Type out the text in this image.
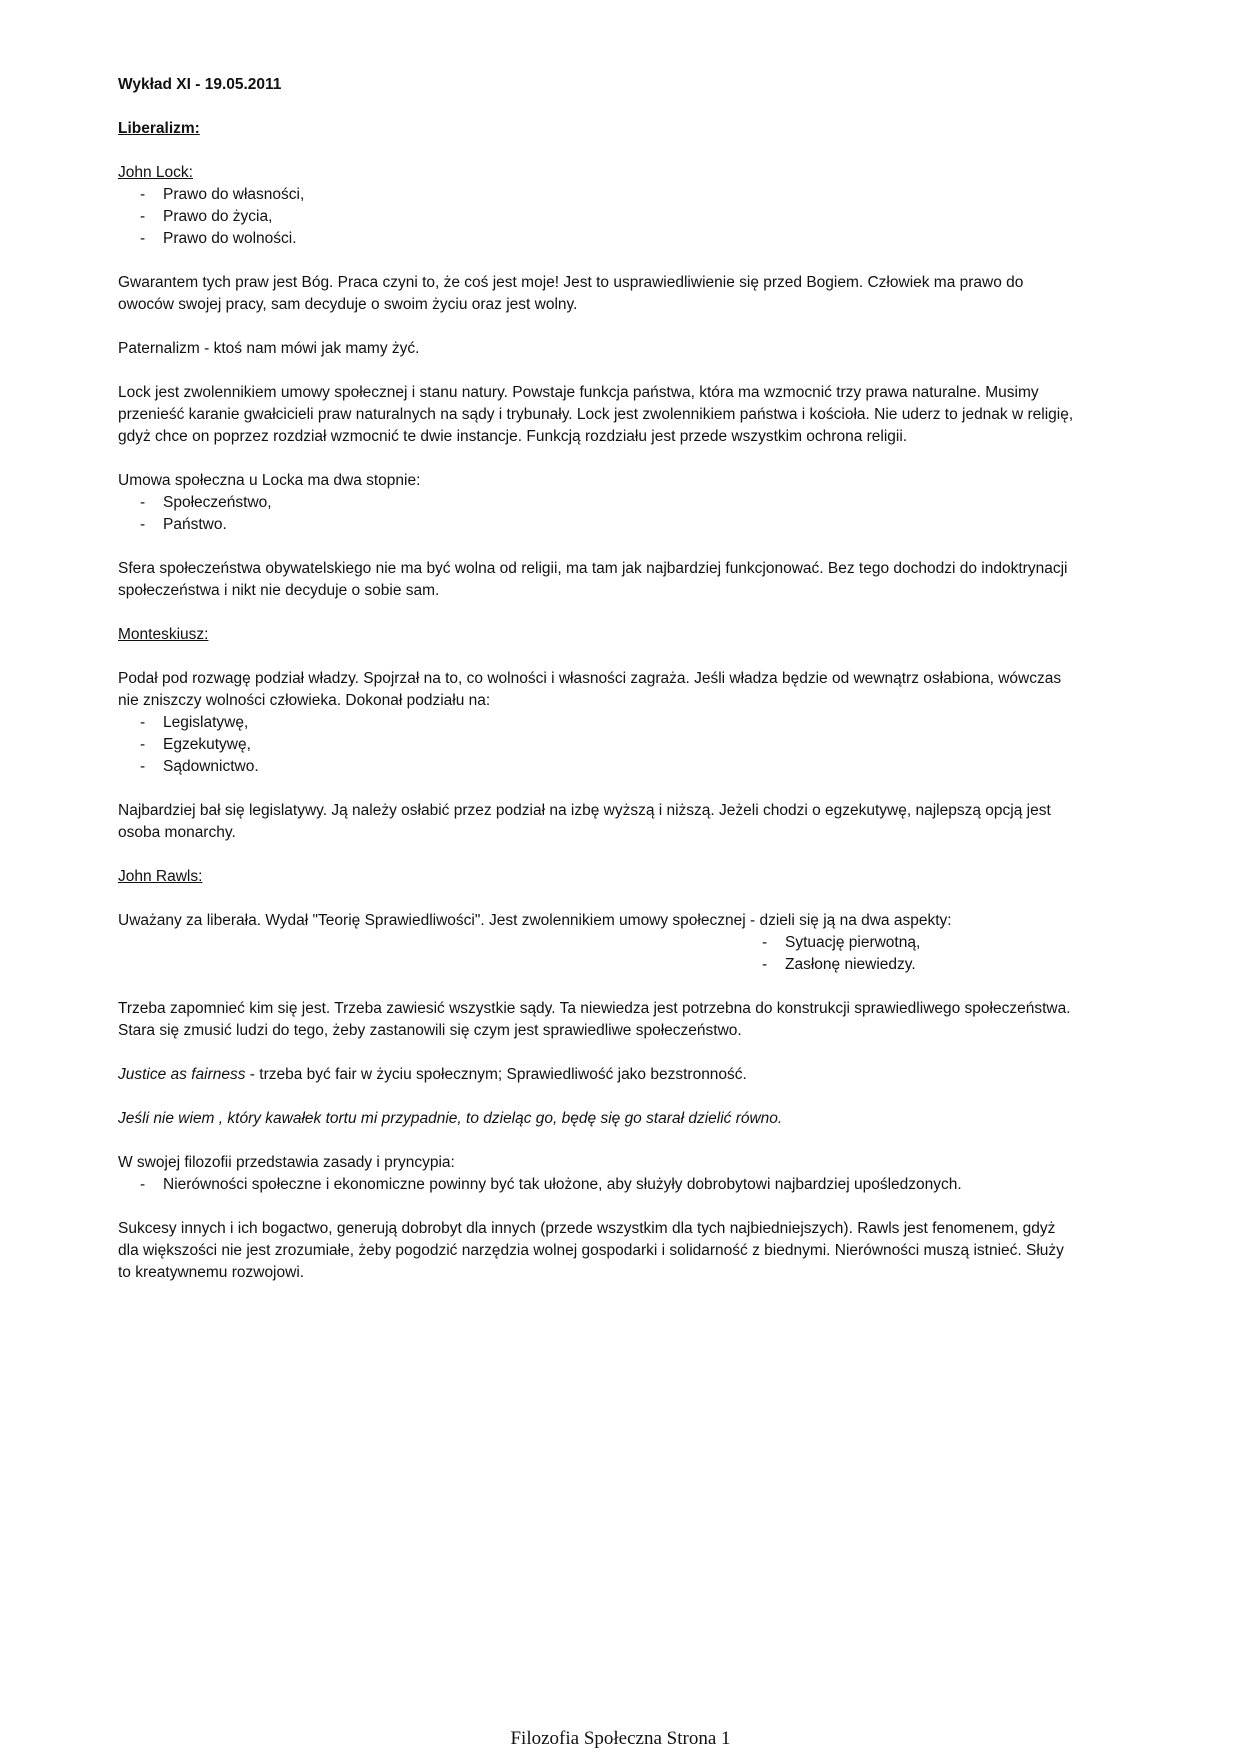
Wykład XI - 19.05.2011
Liberalizm:
John Lock:
- Prawo do własności,
- Prawo do życia,
- Prawo do wolności.

Gwarantem tych praw jest Bóg. Praca czyni to, że coś jest moje! Jest to usprawiedliwienie się przed Bogiem. Człowiek ma prawo do owoców swojej pracy, sam decyduje o swoim życiu oraz jest wolny.

Paternalizm - ktoś nam mówi jak mamy żyć.

Lock jest zwolennikiem umowy społecznej i stanu natury. Powstaje funkcja państwa, która ma wzmocnić trzy prawa naturalne. Musimy przenieść karanie gwałcicieli praw naturalnych na sądy i trybunały. Lock jest zwolennikiem państwa i kościoła. Nie uderz to jednak w religię, gdyż chce on poprzez rozdział wzmocnić te dwie instancje. Funkcją rozdziału jest przede wszystkim ochrona religii.

Umowa społeczna u Locka ma dwa stopnie:
- Społeczeństwo,
- Państwo.

Sfera społeczeństwa obywatelskiego nie ma być wolna od religii, ma tam jak najbardziej funkcjonować. Bez tego dochodzi do indoktrynacji społeczeństwa i nikt nie decyduje o sobie sam.

Monteskiusz:
Podał pod rozwagę podział władzy. Spojrzał na to, co wolności i własności zagraża. Jeśli władza będzie od wewnątrz osłabiona, wówczas nie zniszczy wolności człowieka. Dokonał podziału na:
- Legislatywę,
- Egzekutywę,
- Sądownictwo.

Najbardziej bał się legislatywy. Ją należy osłabić przez podział na izbę wyższą i niższą. Jeżeli chodzi o egzekutywę, najlepszą opcją jest osoba monarchy.

John Rawls:

Uważany za liberała. Wydał "Teorię Sprawiedliwości". Jest zwolennikiem umowy społecznej - dzieli się ją na dwa aspekty:

- Sytuację pierwotną,
- Zasłonę niewiedzy.

Trzeba zapomnieć kim się jest. Trzeba zawiesić wszystkie sądy. Ta niewiedza jest potrzebna do konstrukcji sprawiedliwego społeczeństwa. Stara się zmusić ludzi do tego, żeby zastanowili się czym jest sprawiedliwe społeczeństwo.

Justice as fairness - trzeba być fair w życiu społecznym; Sprawiedliwość jako bezstronność.

Jeśli nie wiem , który kawałek tortu mi przypadnie, to dzieląc go, będę się go starał dzielić równo.

W swojej filozofii przedstawia zasady i pryncypia:
- Nierówności społeczne i ekonomiczne powinny być tak ułożone, aby służyły dobrobytowi najbardziej upośledzonych.

Sukcesy innych i ich bogactwo, generują dobrobyt dla innych (przede wszystkim dla tych najbiedniejszych). Rawls jest fenomenem, gdyż dla większości nie jest zrozumiałe, żeby pogodzić narzędzia wolnej gospodarki i solidarność z biednymi. Nierówności muszą istnieć. Służy to kreatywnemu rozwojowi.

Filozofia Społeczna Strona 1
